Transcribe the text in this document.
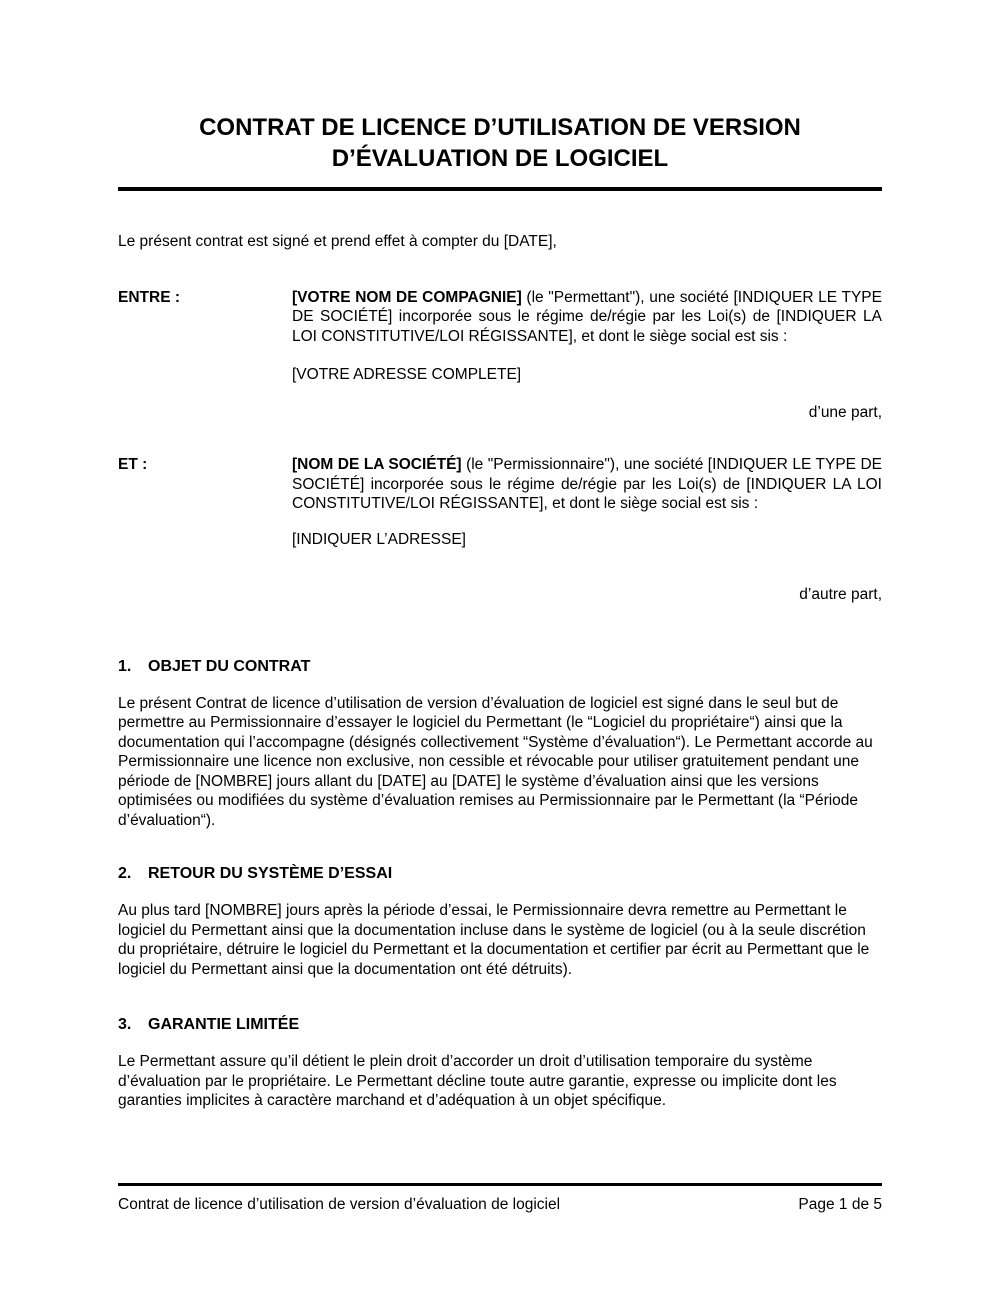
CONTRAT DE LICENCE D’UTILISATION DE VERSION
D’ÉVALUATION DE LOGICIEL

Le présent contrat est signé et prend effet à compter du [DATE],

ENTRE :	[VOTRE NOM DE COMPAGNIE] (le "Permettant"), une société [INDIQUER LE TYPE DE SOCIÉTÉ] incorporée sous le régime de/régie par les Loi(s) de [INDIQUER LA LOI CONSTITUTIVE/LOI RÉGISSANTE], et dont le siège social est sis :

[VOTRE ADRESSE COMPLETE]

d’une part,

ET :	[NOM DE LA SOCIÉTÉ] (le "Permissionnaire"), une société [INDIQUER LE TYPE DE SOCIÉTÉ] incorporée sous le régime de/régie par les Loi(s) de [INDIQUER LA LOI CONSTITUTIVE/LOI RÉGISSANTE], et dont le siège social est sis :

[INDIQUER L’ADRESSE]

d’autre part,

1.	OBJET DU CONTRAT

Le présent Contrat de licence d’utilisation de version d’évaluation de logiciel est signé dans le seul but de permettre au Permissionnaire d’essayer le logiciel du Permettant (le “Logiciel du propriétaire“) ainsi que la documentation qui l’accompagne (désignés collectivement “Système d’évaluation“). Le Permettant accorde au Permissionnaire une licence non exclusive, non cessible et révocable pour utiliser gratuitement pendant une période de [NOMBRE] jours allant du [DATE] au [DATE] le système d’évaluation ainsi que les versions optimisées ou modifiées du système d’évaluation remises au Permissionnaire par le Permettant (la “Période d’évaluation“).

2.	RETOUR DU SYSTÈME D’ESSAI

Au plus tard [NOMBRE] jours après la période d’essai, le Permissionnaire devra remettre au Permettant le logiciel du Permettant ainsi que la documentation incluse dans le système de logiciel (ou à la seule discrétion du propriétaire, détruire le logiciel du Permettant et la documentation et certifier par écrit au Permettant que le logiciel du Permettant ainsi que la documentation ont été détruits).

3.	GARANTIE LIMITÉE

Le Permettant assure qu’il détient le plein droit d’accorder un droit d’utilisation temporaire du système d’évaluation par le propriétaire. Le Permettant décline toute autre garantie, expresse ou implicite dont les garanties implicites à caractère marchand et d’adéquation à un objet spécifique.

Contrat de licence d’utilisation de version d’évaluation de logiciel	Page 1 de 5
